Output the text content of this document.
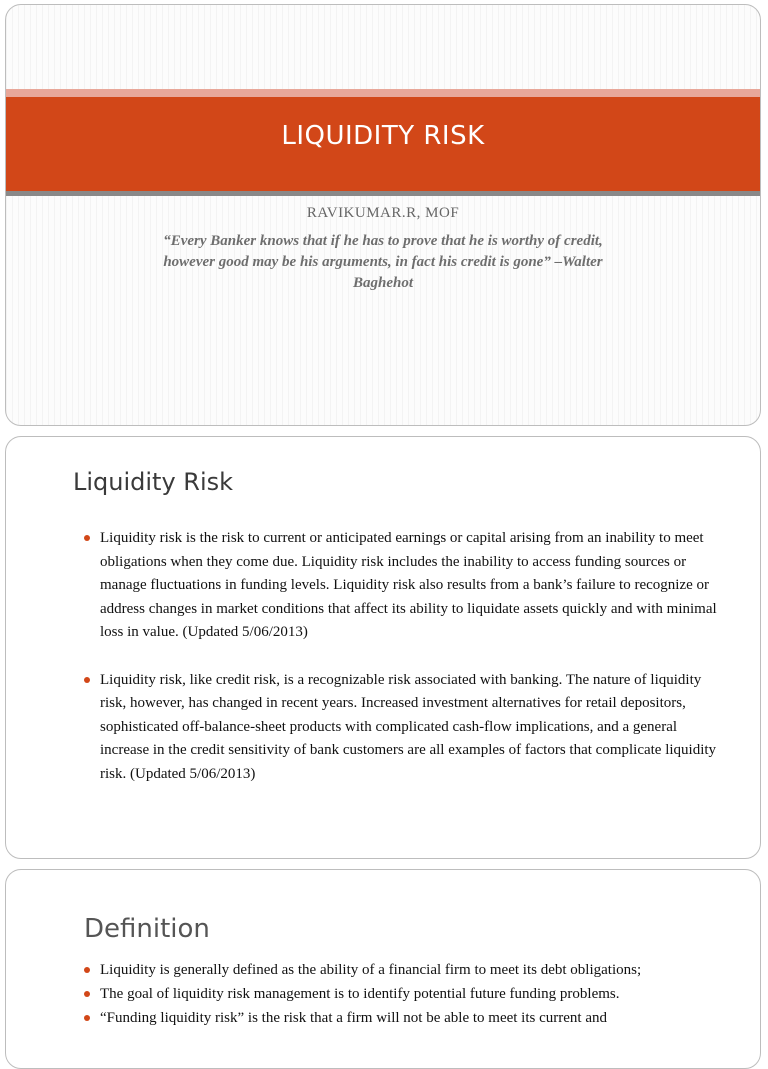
LIQUIDITY RISK
RAVIKUMAR.R, MOF
“Every Banker knows that if he has to prove that he is worthy of credit,
however good may be his arguments, in fact his credit is gone” –Walter
Baghehot
Liquidity Risk
Liquidity risk is the risk to current or anticipated earnings or capital arising from an inability to meet obligations when they come due. Liquidity risk includes the inability to access funding sources or manage fluctuations in funding levels. Liquidity risk also results from a bank’s failure to recognize or address changes in market conditions that affect its ability to liquidate assets quickly and with minimal loss in value. (Updated 5/06/2013)
Liquidity risk, like credit risk, is a recognizable risk associated with banking. The nature of liquidity risk, however, has changed in recent years. Increased investment alternatives for retail depositors, sophisticated off-balance-sheet products with complicated cash-flow implications, and a general increase in the credit sensitivity of bank customers are all examples of factors that complicate liquidity risk. (Updated 5/06/2013)
Definition
Liquidity is generally defined as the ability of a financial firm to meet its debt obligations;
The goal of liquidity risk management is to identify potential future funding problems.
“Funding liquidity risk” is the risk that a firm will not be able to meet its current and
